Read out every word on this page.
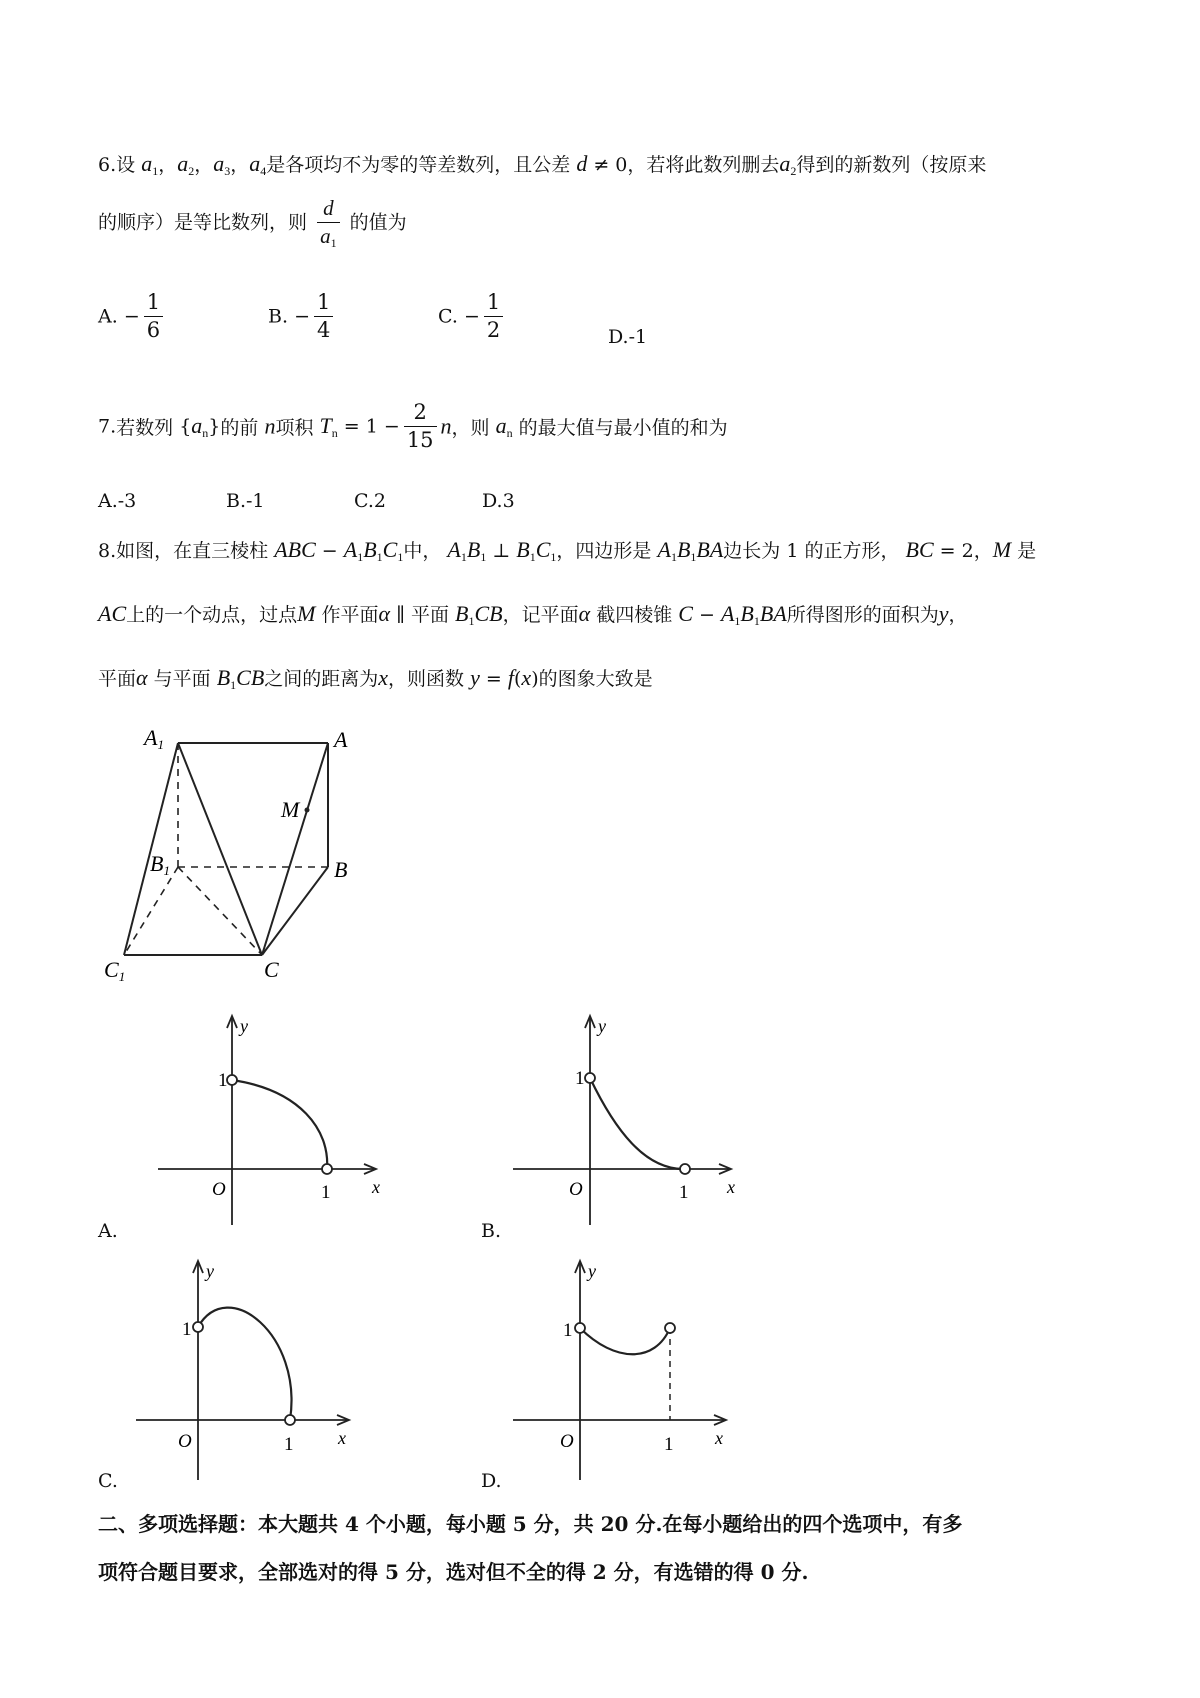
6.设 $a_1$，$a_2$，$a_3$，$a_4$是各项均不为零的等差数列，且公差 d ≠ 0，若将此数列删去$a_2$得到的新数列（按原来
的顺序）是等比数列，则 $\frac{d}{a_1}$ 的值为
A. − $\frac{1}{6}$	B. − $\frac{1}{4}$	C. − $\frac{1}{2}$	D.-1
7.若数列 $\{a_n\}$的前 n项积 $T_n = 1 - \frac{2}{15}$ n，则 $a_n$ 的最大值与最小值的和为
A.-3	B.-1	C.2	D.3
8.如图，在直三棱柱 ABC − $A_1B_1C_1$中， $A_1B_1$ ⊥ $B_1C_1$，四边形是 $A_1B_1BA$边长为 1 的正方形， BC = 2，M 是
AC上的一个动点，过点M 作平面α ∥ 平面 $B_1CB$，记平面α 截四棱锥 $C - A_1B_1BA$所得图形的面积为y，
平面α 与平面 $B_1CB$之间的距离为x，则函数 y = f(x)的图象大致是
A1	A
M
B1	B
C1	C
y
1
O	1 x
A.
y
1
O	1 x
B.
y
1
O	1 x
C.
y
1
O	1 x
D.
二、多项选择题：本大题共 4 个小题，每小题 5 分，共 20 分.在每小题给出的四个选项中，有多
项符合题目要求，全部选对的得 5 分，选对但不全的得 2 分，有选错的得 0 分.
